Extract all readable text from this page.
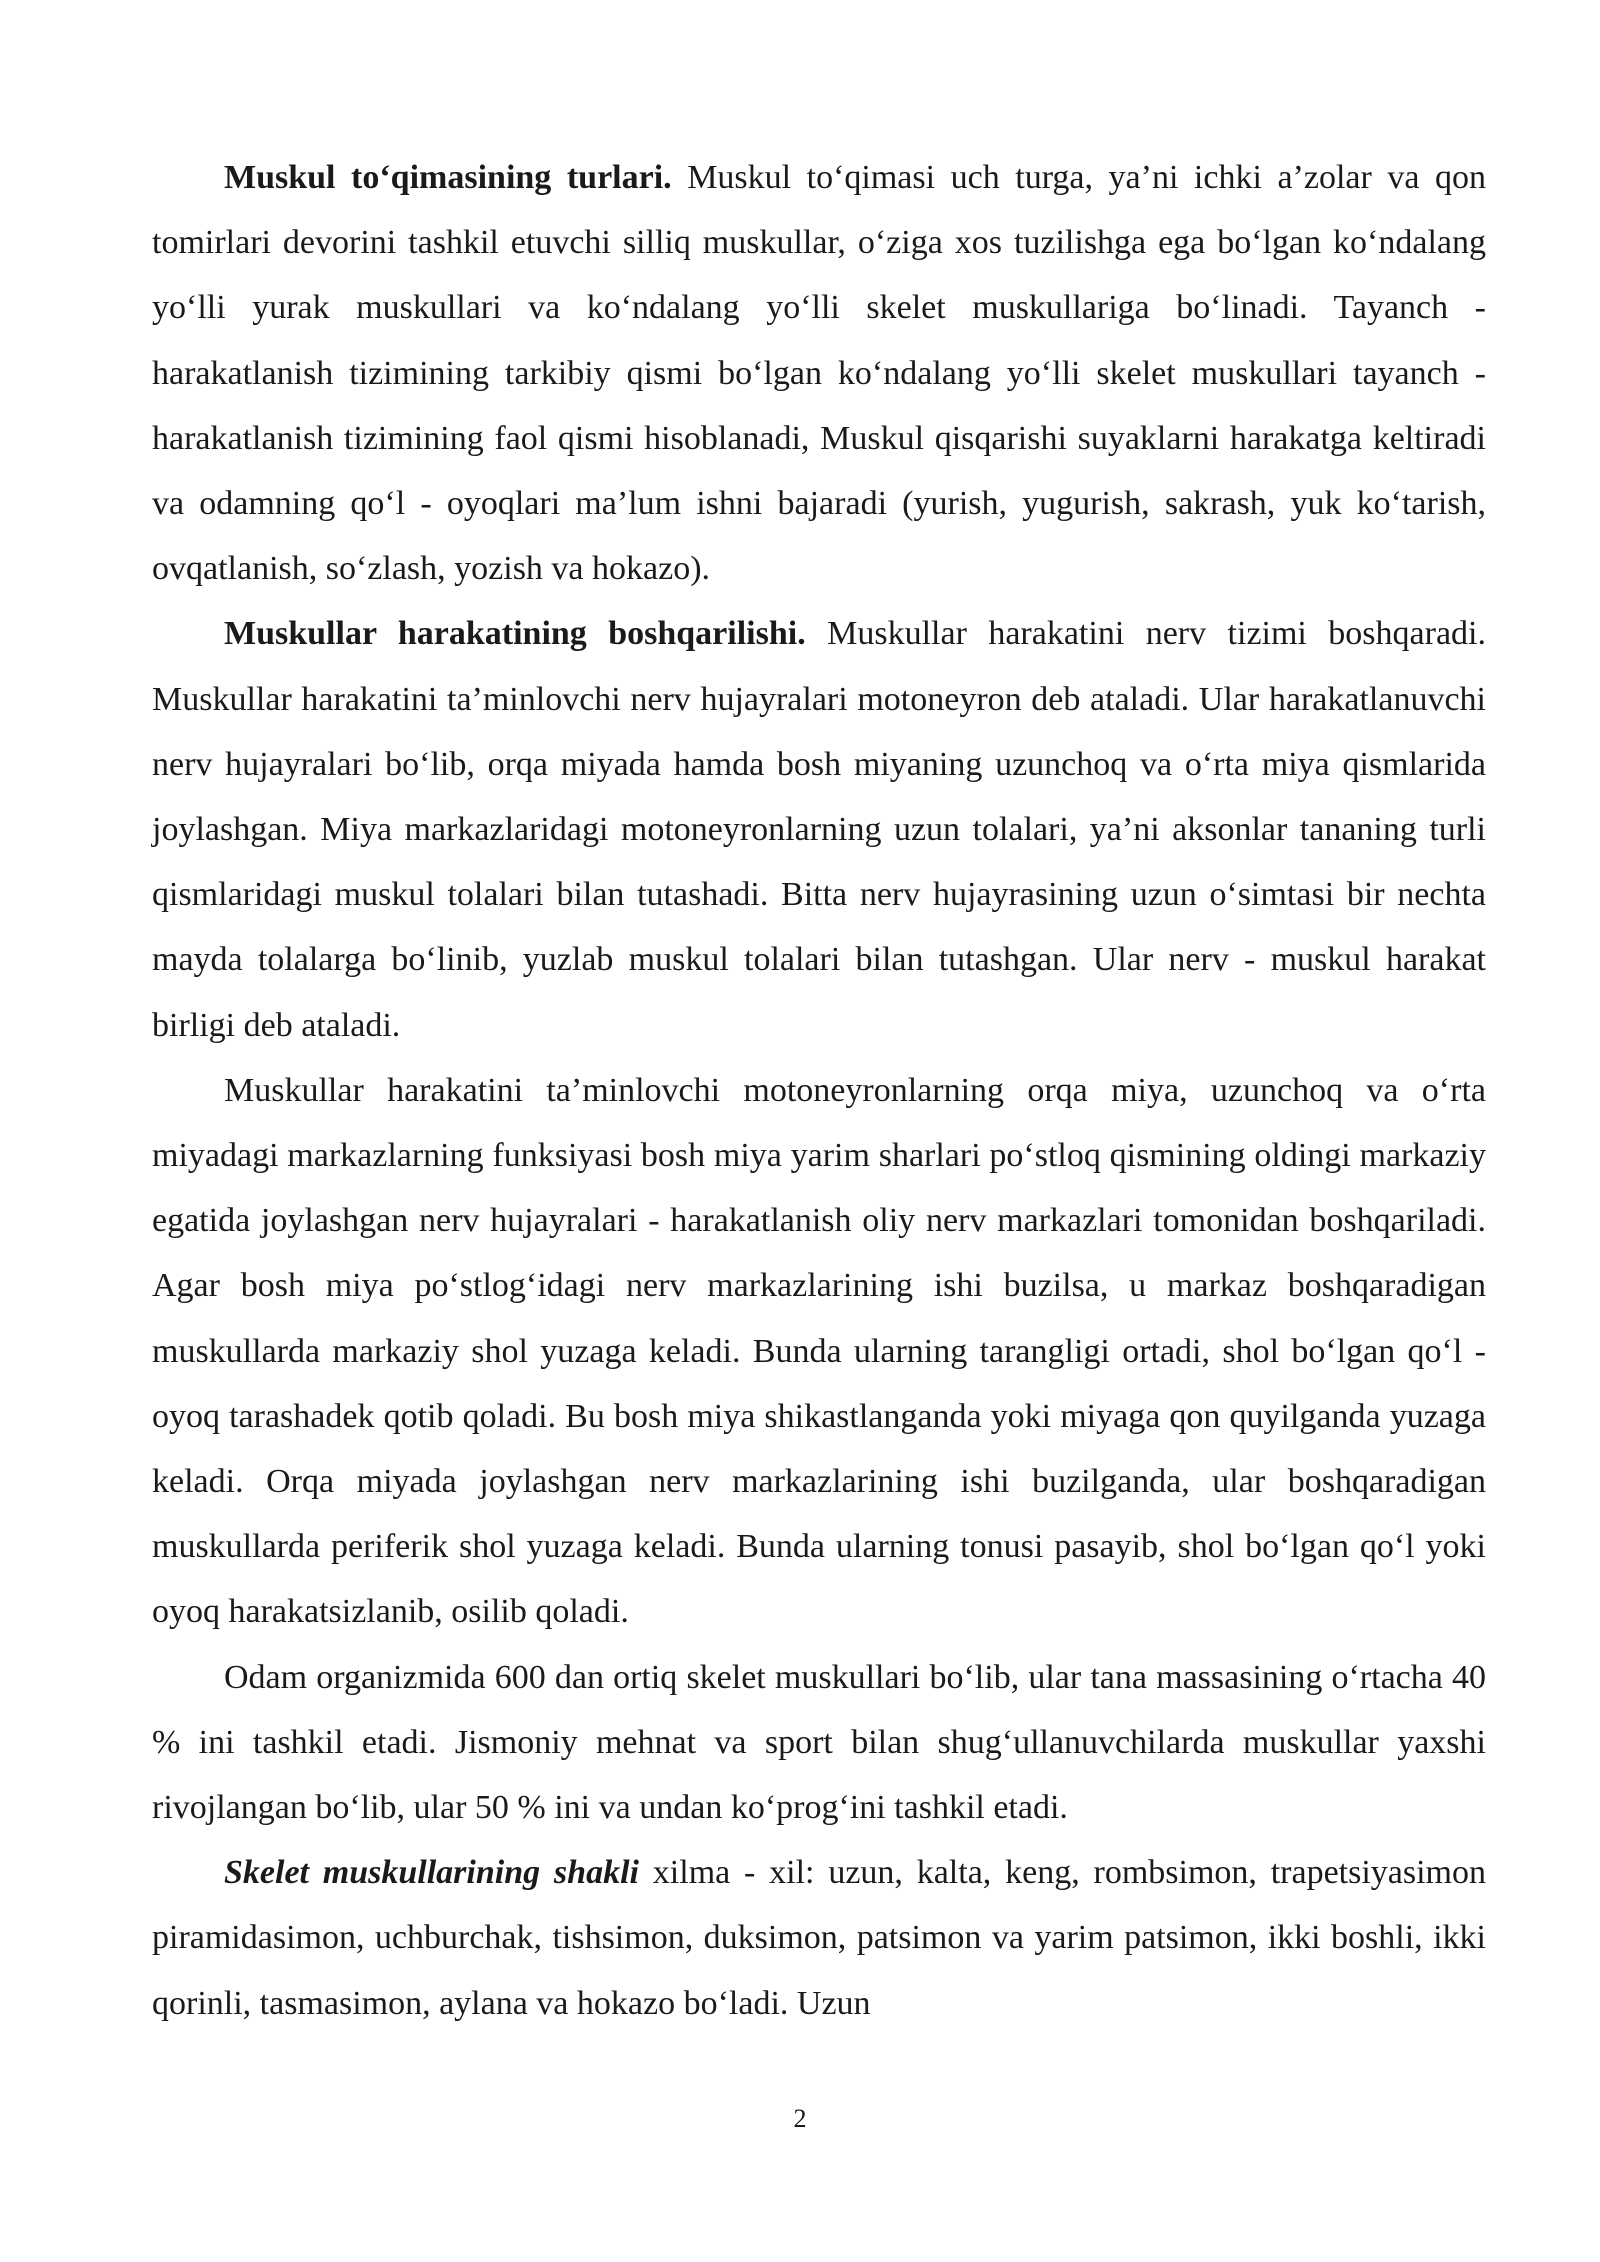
Muskul to‘qimasining turlari. Muskul to‘qimasi uch turga, ya’ni ichki a’zolar va qon tomirlari devorini tashkil etuvchi silliq muskullar, o‘ziga xos tuzilishga ega bo‘lgan ko‘ndalang yo‘lli yurak muskullari va ko‘ndalang yo‘lli skelet muskullariga bo‘linadi. Tayanch - harakatlanish tizimining tarkibiy qismi bo‘lgan ko‘ndalang yo‘lli skelet muskullari tayanch - harakatlanish tizimining faol qismi hisoblanadi, Muskul qisqarishi suyaklarni harakatga keltiradi va odamning qo‘l - oyoqlari ma’lum ishni bajaradi (yurish, yugurish, sakrash, yuk ko‘tarish, ovqatlanish, so‘zlash, yozish va hokazo).

Muskullar harakatining boshqarilishi. Muskullar harakatini nerv tizimi boshqaradi. Muskullar harakatini ta’minlovchi nerv hujayralari motoneyron deb ataladi. Ular harakatlanuvchi nerv hujayralari bo‘lib, orqa miyada hamda bosh miyaning uzunchoq va o‘rta miya qismlarida joylashgan. Miya markazlaridagi motoneyronlarning uzun tolalari, ya’ni aksonlar tananing turli qismlaridagi muskul tolalari bilan tutashadi. Bitta nerv hujayrasining uzun o‘simtasi bir nechta mayda tolalarga bo‘linib, yuzlab muskul tolalari bilan tutashgan. Ular nerv - muskul harakat birligi deb ataladi.

Muskullar harakatini ta’minlovchi motoneyronlarning orqa miya, uzunchoq va o‘rta miyadagi markazlarning funksiyasi bosh miya yarim sharlari po‘stloq qismining oldingi markaziy egatida joylashgan nerv hujayralari - harakatlanish oliy nerv markazlari tomonidan boshqariladi. Agar bosh miya po‘stlog‘idagi nerv markazlarining ishi buzilsa, u markaz boshqaradigan muskullarda markaziy shol yuzaga keladi. Bunda ularning tarangligi ortadi, shol bo‘lgan qo‘l - oyoq tarashadek qotib qoladi. Bu bosh miya shikastlanganda yoki miyaga qon quyilganda yuzaga keladi. Orqa miyada joylashgan nerv markazlarining ishi buzilganda, ular boshqaradigan muskullarda periferik shol yuzaga keladi. Bunda ularning tonusi pasayib, shol bo‘lgan qo‘l yoki oyoq harakatsizlanib, osilib qoladi.

Odam organizmida 600 dan ortiq skelet muskullari bo‘lib, ular tana massasining o‘rtacha 40 % ini tashkil etadi. Jismoniy mehnat va sport bilan shug‘ullanuvchilarda muskullar yaxshi rivojlangan bo‘lib, ular 50 % ini va undan ko‘prog‘ini tashkil etadi.

Skelet muskullarining shakli xilma - xil: uzun, kalta, keng, rombsimon, trapetsiyasimon piramidasimon, uchburchak, tishsimon, duksimon, patsimon va yarim patsimon, ikki boshli, ikki qorinli, tasmasimon, aylana va hokazo bo‘ladi. Uzun

2
